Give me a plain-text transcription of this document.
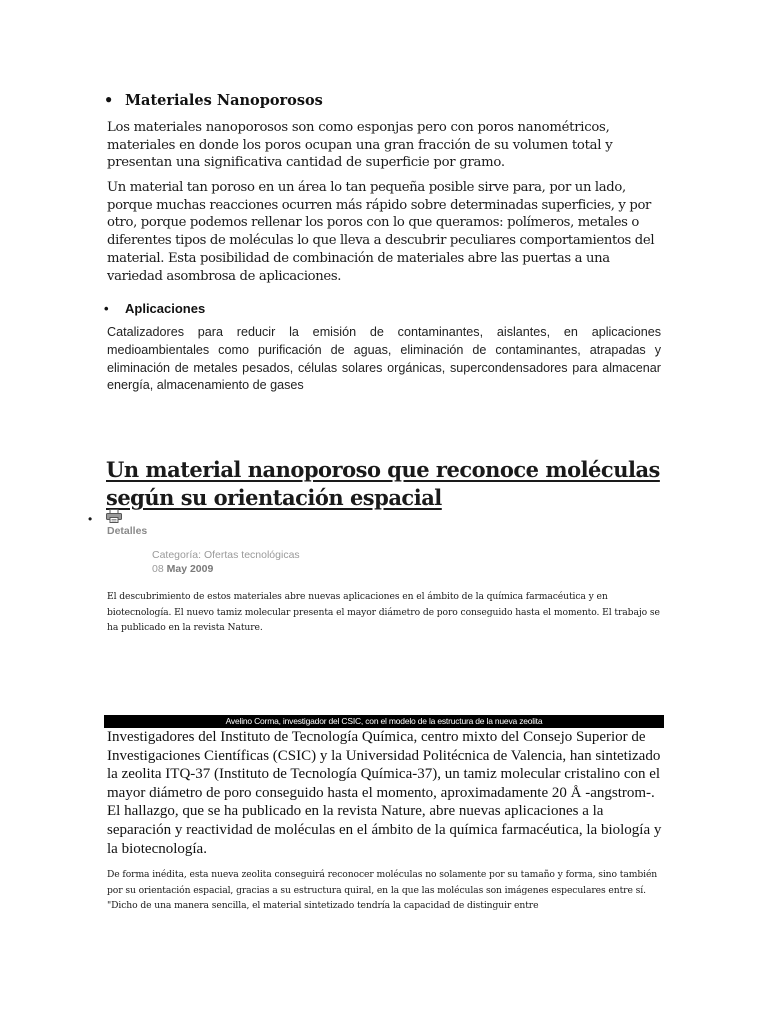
• Materiales Nanoporosos

Los materiales nanoporosos son como esponjas pero con poros nanométricos, materiales en donde los poros ocupan una gran fracción de su volumen total y presentan una significativa cantidad de superficie por gramo.

Un material tan poroso en un área lo tan pequeña posible sirve para, por un lado, porque muchas reacciones ocurren más rápido sobre determinadas superficies, y por otro, porque podemos rellenar los poros con lo que queramos: polímeros, metales o diferentes tipos de moléculas lo que lleva a descubrir peculiares comportamientos del material. Esta posibilidad de combinación de materiales abre las puertas a una variedad asombrosa de aplicaciones.

• Aplicaciones

Catalizadores para reducir la emisión de contaminantes, aislantes, en aplicaciones medioambientales como purificación de aguas, eliminación de contaminantes, atrapadas y eliminación de metales pesados, células solares orgánicas, supercondensadores para almacenar energía, almacenamiento de gases

Un material nanoporoso que reconoce moléculas según su orientación espacial
•
Detalles
Categoría: Ofertas tecnológicas
08 May 2009

El descubrimiento de estos materiales abre nuevas aplicaciones en el ámbito de la química farmacéutica y en biotecnología. El nuevo tamiz molecular presenta el mayor diámetro de poro conseguido hasta el momento. El trabajo se ha publicado en la revista Nature.

Avelino Corma, investigador del CSIC, con el modelo de la estructura de la nueva zeolita

Investigadores del Instituto de Tecnología Química, centro mixto del Consejo Superior de Investigaciones Científicas (CSIC) y la Universidad Politécnica de Valencia, han sintetizado la zeolita ITQ-37 (Instituto de Tecnología Química-37), un tamiz molecular cristalino con el mayor diámetro de poro conseguido hasta el momento, aproximadamente 20 Å -angstrom-. El hallazgo, que se ha publicado en la revista Nature, abre nuevas aplicaciones a la separación y reactividad de moléculas en el ámbito de la química farmacéutica, la biología y la biotecnología.

De forma inédita, esta nueva zeolita conseguirá reconocer moléculas no solamente por su tamaño y forma, sino también por su orientación espacial, gracias a su estructura quiral, en la que las moléculas son imágenes especulares entre sí. "Dicho de una manera sencilla, el material sintetizado tendría la capacidad de distinguir entre
